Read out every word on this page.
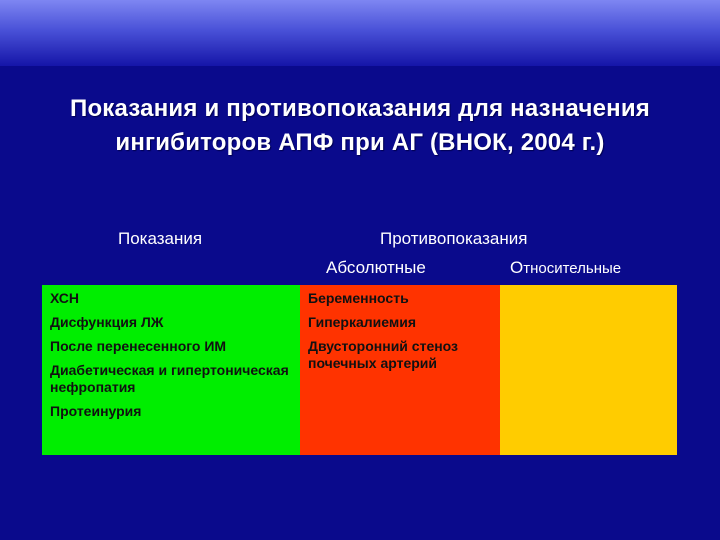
Показания и противопоказания для назначения
ингибиторов АПФ при АГ (ВНОК, 2004 г.)
Показания	Противопоказания
Абсолютные	Относительные
ХСН
Дисфункция ЛЖ
После перенесенного ИМ
Диабетическая и гипертоническая нефропатия
Протеинурия
Беременность
Гиперкалиемия
Двусторонний стеноз почечных артерий
